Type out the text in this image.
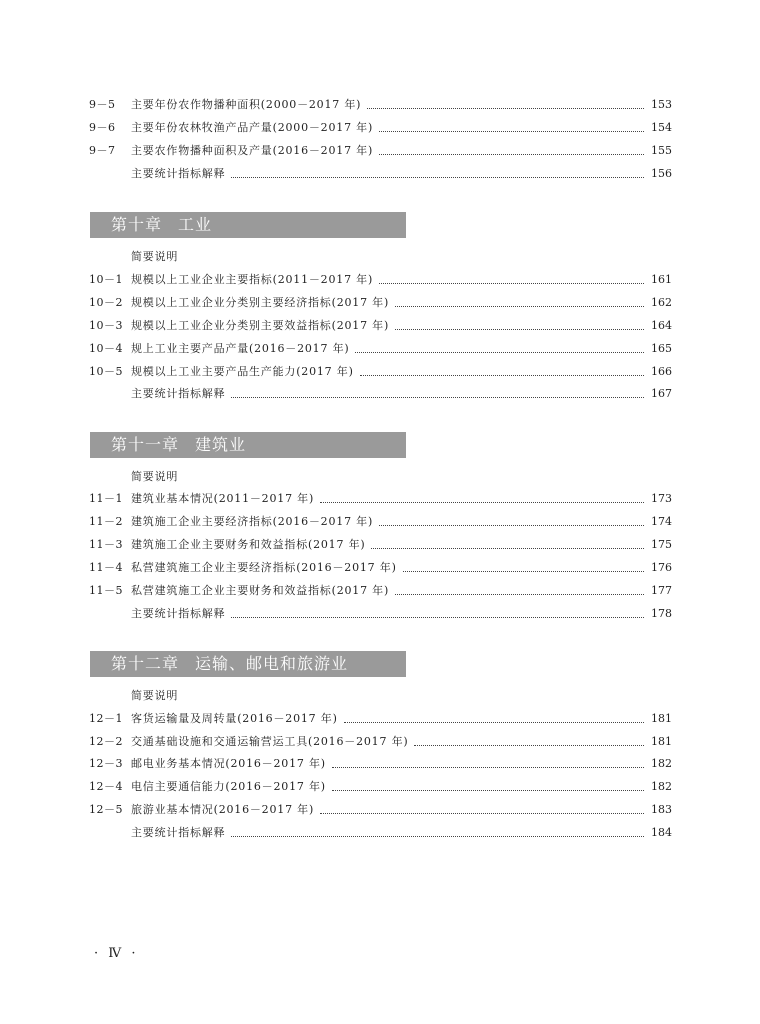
9－5	主要年份农作物播种面积(2000－2017 年)	153
9－6	主要年份农林牧渔产品产量(2000－2017 年)	154
9－7	主要农作物播种面积及产量(2016－2017 年)	155
主要统计指标解释	156
第十章 工业
简要说明
10－1 规模以上工业企业主要指标(2011－2017 年)	161
10－2 规模以上工业企业分类别主要经济指标(2017 年)	162
10－3 规模以上工业企业分类别主要效益指标(2017 年)	164
10－4 规上工业主要产品产量(2016－2017 年)	165
10－5 规模以上工业主要产品生产能力(2017 年)	166
主要统计指标解释	167
第十一章 建筑业
简要说明
11－1 建筑业基本情况(2011－2017 年)	173
11－2 建筑施工企业主要经济指标(2016－2017 年)	174
11－3 建筑施工企业主要财务和效益指标(2017 年)	175
11－4 私营建筑施工企业主要经济指标(2016－2017 年)	176
11－5 私营建筑施工企业主要财务和效益指标(2017 年)	177
主要统计指标解释	178
第十二章 运输、邮电和旅游业
简要说明
12－1 客货运输量及周转量(2016－2017 年)	181
12－2 交通基础设施和交通运输营运工具(2016－2017 年)	181
12－3 邮电业务基本情况(2016－2017 年)	182
12－4 电信主要通信能力(2016－2017 年)	182
12－5 旅游业基本情况(2016－2017 年)	183
主要统计指标解释	184
· Ⅳ ·
